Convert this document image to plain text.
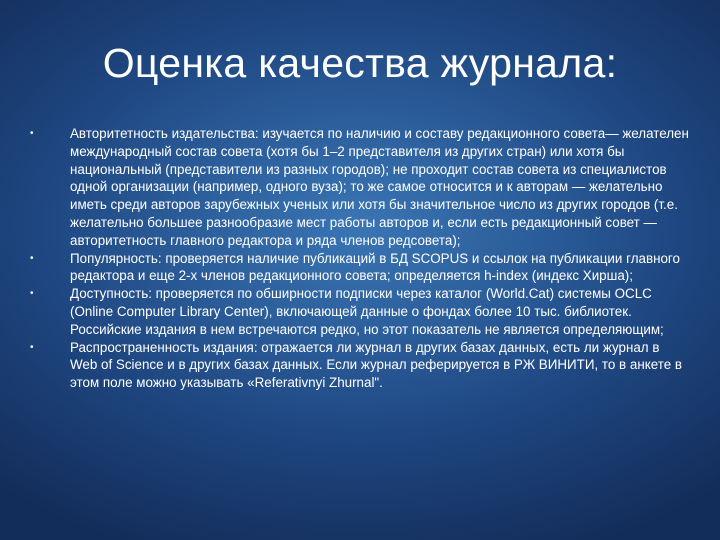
Оценка качества журнала:
•	Авторитетность издательства: изучается по наличию и составу редакционного совета— желателен международный состав совета (хотя бы 1–2 представителя из других стран) или хотя бы национальный (представители из разных городов); не проходит состав совета из специалистов одной организации (например, одного вуза); то же самое относится и к авторам — желательно иметь среди авторов зарубежных ученых или хотя бы значительное число из других городов (т.е. желательно большее разнообразие мест работы авторов и, если есть редакционный совет — авторитетность главного редактора и ряда членов редсовета);
•	Популярность: проверяется наличие публикаций в БД SCOPUS и ссылок на публикации главного редактора и еще 2-х членов редакционного совета; определяется h-index (индекс Хирша);
•	Доступность: проверяется по обширности подписки через каталог (World.Cat) системы OCLC (Online Computer Library Center), включающей данные о фондах более 10 тыс. библиотек. Российские издания в нем встречаются редко, но этот показатель не является определяющим;
•	Распространенность издания: отражается ли журнал в других базах данных, есть ли журнал в Web of Science и в других базах данных. Если журнал реферируется в РЖ ВИНИТИ, то в анкете в этом поле можно указывать «Referativnyi Zhurnal".
